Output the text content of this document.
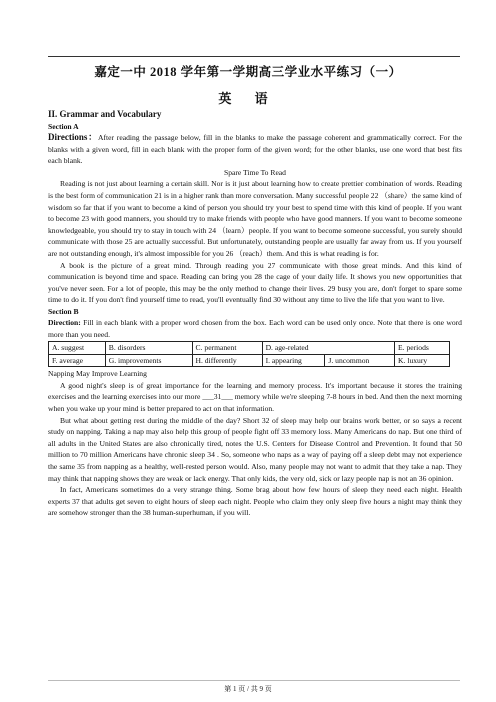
嘉定一中 2018 学年第一学期高三学业水平练习（一）
英 语
II. Grammar and Vocabulary
Section A

Directions：After reading the passage below, fill in the blanks to make the passage coherent and grammatically correct. For the blanks with a given word, fill in each blank with the proper form of the given word; for the other blanks, use one word that best fits each blank.

Spare Time To Read

Reading is not just about learning a certain skill. Nor is it just about learning how to create prettier combination of words. Reading is the best form of communication 21 is in a higher rank than more conversation. Many successful people 22 （share）the same kind of wisdom so far that if you want to become a kind of person you should try your best to spend time with this kind of people. If you want to become 23 with good manners, you should try to make friends with people who have good manners. If you want to become someone knowledgeable, you should try to stay in touch with 24 （learn）people. If you want to become someone successful, you surely should communicate with those 25 are actually successful. But unfortunately, outstanding people are usually far away from us. If you yourself are not outstanding enough, it's almost impossible for you 26 （reach）them. And this is what reading is for.

A book is the picture of a great mind. Through reading you 27 communicate with those great minds. And this kind of communication is beyond time and space. Reading can bring you 28 the cage of your daily life. It shows you new opportunities that you've never seen. For a lot of people, this may be the only method to change their lives. 29 busy you are, don't forget to spare some time to do it. If you don't find yourself time to read, you'll eventually find 30 without any time to live the life that you want to live.

Section B

Direction: Fill in each blank with a proper word chosen from the box. Each word can be used only once. Note that there is one word more than you need.

A. suggest	B. disorders	C. permanent	D. age-related		E. periods
F. average	G. improvements	H. differently	I. appearing	J. uncommon	K. luxury

Napping May Improve Learning

A good night's sleep is of great importance for the learning and memory process. It's important because it stores the training exercises and the learning exercises into our more ___31___ memory while we're sleeping 7-8 hours in bed. And then the next morning when you wake up your mind is better prepared to act on that information.

But what about getting rest during the middle of the day? Short 32 of sleep may help our brains work better, or so says a recent study on napping. Taking a nap may also help this group of people fight off 33 memory loss. Many Americans do nap. But one third of all adults in the United States are also chronically tired, notes the U.S. Centers for Disease Control and Prevention. It found that 50 million to 70 million Americans have chronic sleep 34 . So, someone who naps as a way of paying off a sleep debt may not experience the same 35 from napping as a healthy, well-rested person would. Also, many people may not want to admit that they take a nap. They may think that napping shows they are weak or lack energy. That only kids, the very old, sick or lazy people nap is not an 36 opinion.

In fact, Americans sometimes do a very strange thing. Some brag about how few hours of sleep they need each night. Health experts 37 that adults get seven to eight hours of sleep each night. People who claim they only sleep five hours a night may think they are somehow stronger than the 38 human-superhuman, if you will.

第 1 页 / 共 9 页
